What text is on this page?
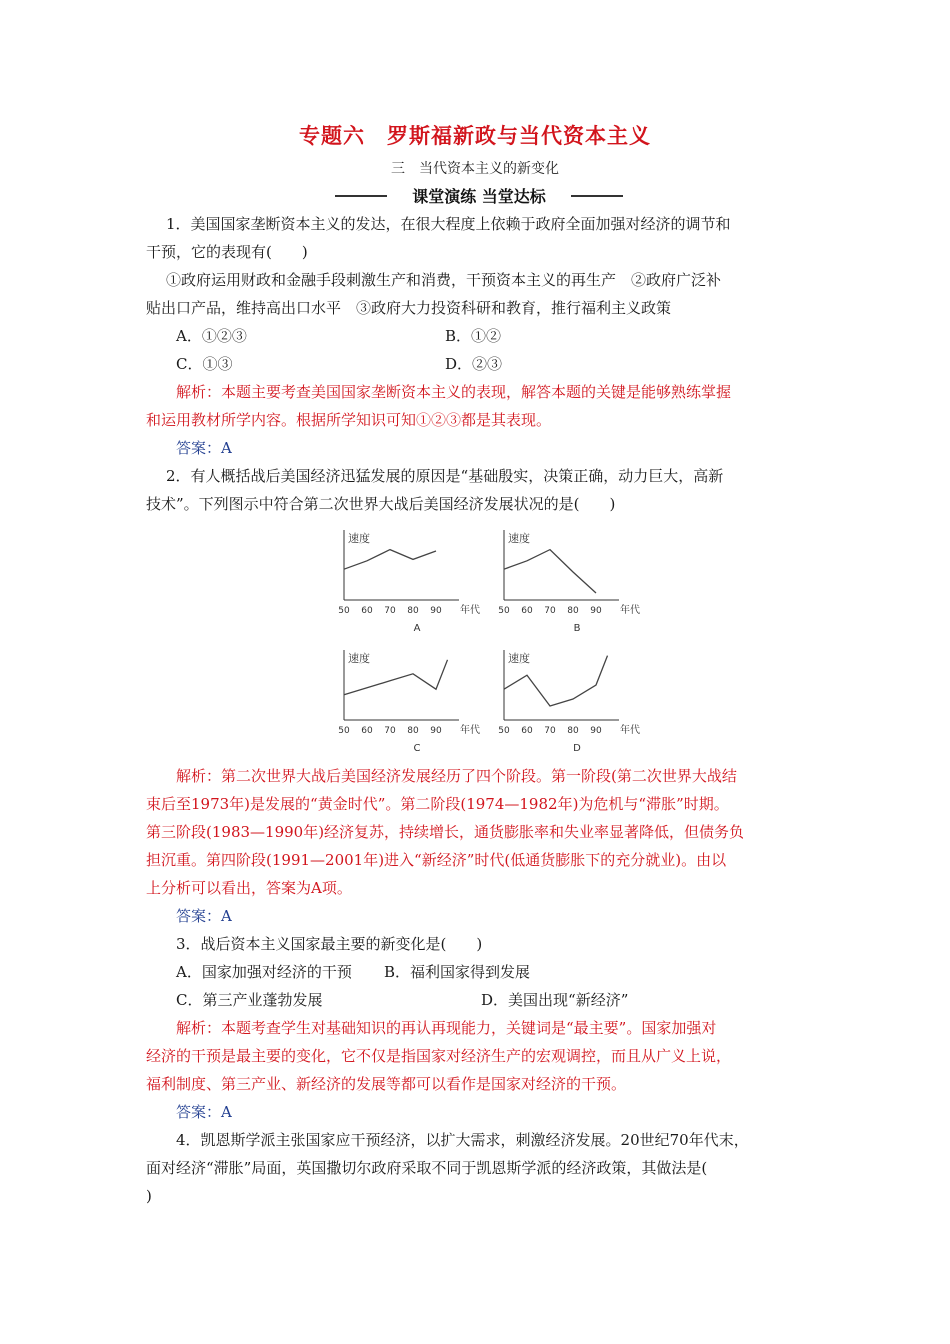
专题六　罗斯福新政与当代资本主义
三　当代资本主义的新变化
课堂演练 当堂达标
1．美国国家垄断资本主义的发达，在很大程度上依赖于政府全面加强对经济的调节和
干预，它的表现有(　　)
①政府运用财政和金融手段刺激生产和消费，干预资本主义的再生产　②政府广泛补
贴出口产品，维持高出口水平　③政府大力投资科研和教育，推行福利主义政策
A．①②③	B．①②
C．①③	D．②③
解析：本题主要考查美国国家垄断资本主义的表现，解答本题的关键是能够熟练掌握
和运用教材所学内容。根据所学知识可知①②③都是其表现。
答案：A
2．有人概括战后美国经济迅猛发展的原因是“基础殷实，决策正确，动力巨大，高新
技术”。下列图示中符合第二次世界大战后美国经济发展状况的是(　　)
速度
50 60 70 80 90 年代
A
速度
50 60 70 80 90 年代
B
速度
50 60 70 80 90 年代
C
速度
50 60 70 80 90 年代
D
解析：第二次世界大战后美国经济发展经历了四个阶段。第一阶段(第二次世界大战结
束后至1973年)是发展的“黄金时代”。第二阶段(1974—1982年)为危机与“滞胀”时期。
第三阶段(1983—1990年)经济复苏，持续增长，通货膨胀率和失业率显著降低，但债务负
担沉重。第四阶段(1991—2001年)进入“新经济”时代(低通货膨胀下的充分就业)。由以
上分析可以看出，答案为A项。
答案：A
3．战后资本主义国家最主要的新变化是(　　)
A．国家加强对经济的干预 B．福利国家得到发展
C．第三产业蓬勃发展	D．美国出现“新经济”
解析：本题考查学生对基础知识的再认再现能力，关键词是“最主要”。国家加强对
经济的干预是最主要的变化，它不仅是指国家对经济生产的宏观调控，而且从广义上说，
福利制度、第三产业、新经济的发展等都可以看作是国家对经济的干预。
答案：A
4．凯恩斯学派主张国家应干预经济，以扩大需求，刺激经济发展。20世纪70年代末，
面对经济“滞胀”局面，英国撒切尔政府采取不同于凯恩斯学派的经济政策，其做法是(
)
